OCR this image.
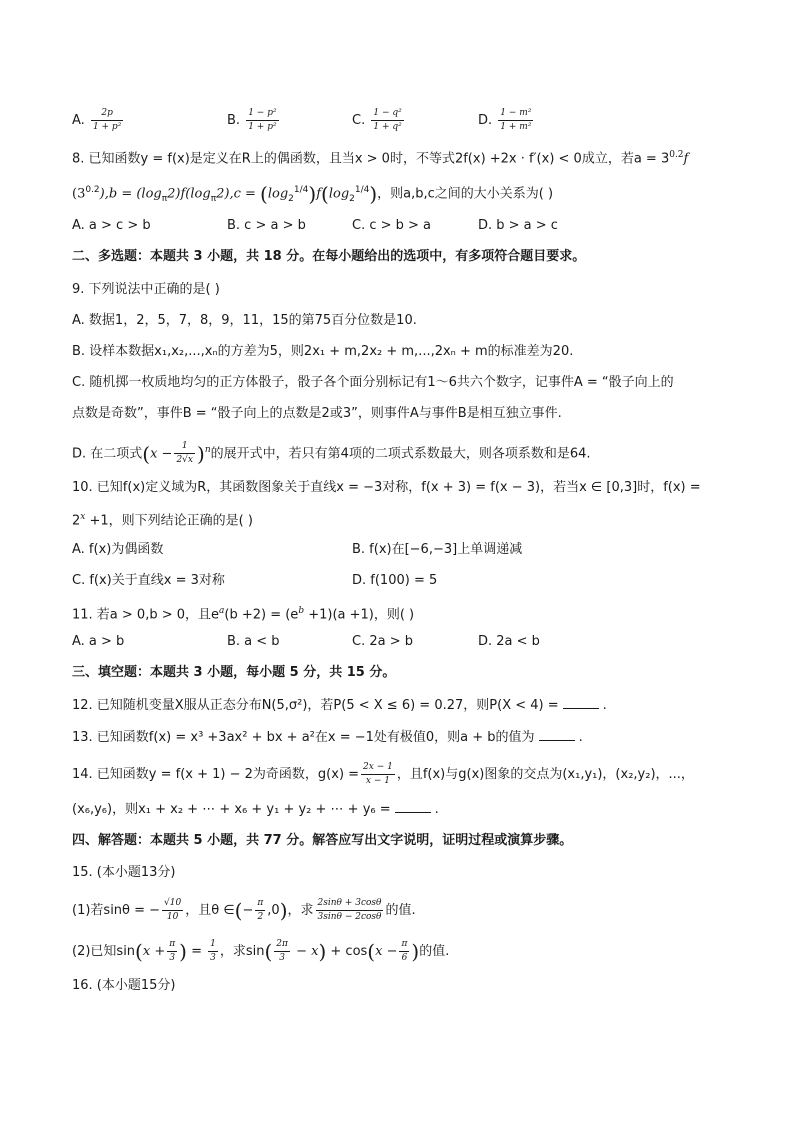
A. $\frac{2p}{\text{1 + p²}}$	B. $\frac{\text{1 − p²}}{\text{1 + p²}}$	C. $\frac{\text{1 − q²}}{\text{1 + q²}}$	D. $\frac{\text{1 − m²}}{\text{1 + m²}}$
8. 已知函数y = f(x)是定义在R上的偶函数，且当x > 0时，不等式2f(x) +2x · f′(x) < 0成立，若$a = 3^{0.2}f$
$(3^{0.2}),b = (\log_\pi 2)f(\log_\pi 2),c = (\log_2^{1/4})f(\log_2^{1/4})$，则a,b,c之间的大小关系为( )
A. a > c > b	B. c > a > b	C. c > b > a	D. b > a > c
二、多选题：本题共 3 小题，共 18 分。在每小题给出的选项中，有多项符合题目要求。
9. 下列说法中正确的是( )
A. 数据1，2，5，7，8，9，11，15的第75百分位数是10.
B. 设样本数据x₁,x₂,...,xₙ的方差为5，则2x₁ + m,2x₂ + m,...,2xₙ + m的标准差为20.
C. 随机掷一枚质地均匀的正方体骰子，骰子各个面分别标记有1～6共六个数字，记事件A = “骰子向上的
点数是奇数”，事件B = “骰子向上的点数是2或3”，则事件A与事件B是相互独立事件.
D. 在二项式$(x - \frac{1}{2√x} )^n$的展开式中，若只有第4项的二项式系数最大，则各项系数和是64.
10. 已知f(x)定义域为R，其函数图象关于直线x = −3对称，f(x + 3) = f(x − 3)，若当x ∈ [0,3]时，f(x) =
$2^x +1$，则下列结论正确的是( )
A. f(x)为偶函数	B. f(x)在[−6,−3]上单调递减
C. f(x)关于直线x = 3对称	D. f(100) = 5
11. 若a > 0,b > 0，且$e^a(b +2) = (e^b +1)(a +1)$，则( )
A. a > b	B. a < b	C. 2a > b	D. 2a < b
三、填空题：本题共 3 小题，每小题 5 分，共 15 分。
12. 已知随机变量X服从正态分布N(5,σ²)，若P(5 < X ≤ 6) = 0.27，则P(X < 4) =	.
13. 已知函数f(x) = x³ +3ax² + bx + a²在x = −1处有极值0，则a + b的值为	.
14. 已知函数y = f(x + 1) − 2为奇函数，$g(x) = \frac{2x - 1}{x - 1}$ ，且f(x)与g(x)图象的交点为(x₁,y₁)，(x₂,y₂)，...，
(x₆,y₆)，则x₁ + x₂ + ⋯ + x₆ + y₁ + y₂ + ⋯ + y₆ =	.
四、解答题：本题共 5 小题，共 77 分。解答应写出文字说明，证明过程或演算步骤。
15. (本小题13分)
(1)若sinθ = − $\frac{√10}{10}$ ，且θ ∈(− $\frac{\pi}{2} ,0$)，求 $\frac{2\sin\theta + 3\cos\theta}{3\sin\theta - 2\cos\theta}$ 的值.
(2)已知$\sin(x + \frac{\pi}{3}$ ) = $\frac{1}{3}$ ，求$\sin( \frac{2\pi}{3} - x) + \cos(x - \frac{\pi}{6}$ )的值.
16. (本小题15分)
